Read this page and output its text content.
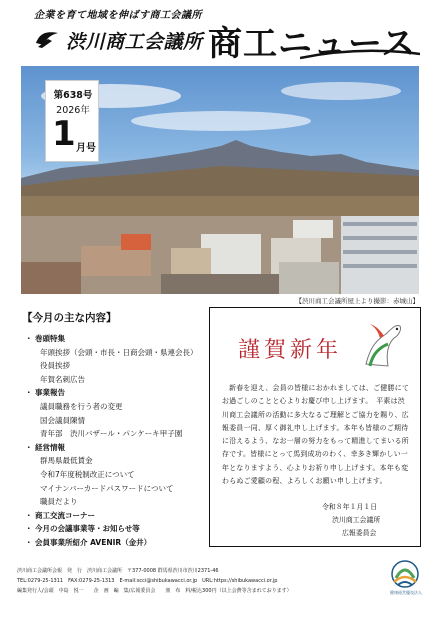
企業を育て地域を伸ばす商工会議所
渋川商工会議所 商工ニュース
第638号
2026年
1 月号
【渋川商工会議所屋上より撮影：赤城山】
【今月の主な内容】
・ 巻頭特集
年頭挨拶（会頭・市長・日商会頭・県連会長）
役員挨拶
年賀名刺広告
・ 事業報告
議員職務を行う者の変更
国会議員陳情
青年部　渋川バザール・パンケーキ甲子園
・ 経営情報
群馬県最低賃金
令和7年度税制改正について
マイナンバーカードパスワードについて
職員だより
・ 商工交流コーナー
・ 今月の会議事業等・お知らせ等
・ 会員事業所紹介 AVENIR（金井）
謹賀新年
新春を迎え、会員の皆様におかれましては、ご健勝にてお過ごしのことと心よりお慶び申し上げます。　平素は渋川商工会議所の活動に多大なるご理解とご協力を賜り、広報委員一同、厚く御礼申し上げます。本年も皆様のご期待に沿えるよう、なお一層の努力をもって精進してまいる所存です。皆様にとって馬到成功のわく、幸多き輝かしい一年となりますよう、心よりお祈り申し上げます。本年も変わらぬご愛顧の程、よろしくお願い申し上げます。
令和８年１月１日
渋川商工会議所
広報委員会
渋川商工会議所会報　発　行　渋川商工会議所　〒377-0008 群馬県渋川市渋川2371-46
TEL:0279-25-1311　FAX:0279-25-1313　E-mail:scci@shibukawacci.or.jp　URL:https://shibukawacci.or.jp
編集発行人/会頭　中島　悦一　　企　画　編　集/広報委員会　　頒　布　料/税込300円（以上会費等含まれております）	健康経営優良法人
